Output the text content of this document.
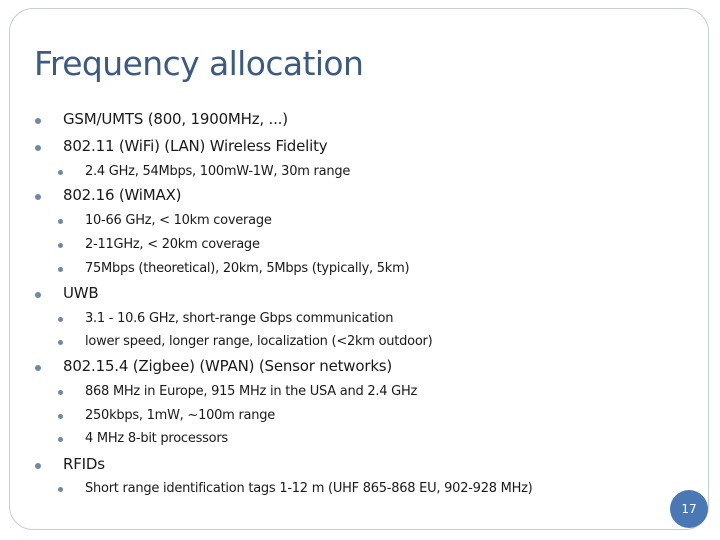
Frequency allocation
GSM/UMTS (800, 1900MHz, ...)
802.11 (WiFi) (LAN) Wireless Fidelity
2.4 GHz, 54Mbps, 100mW-1W, 30m range
802.16 (WiMAX)
10-66 GHz, < 10km coverage
2-11GHz, < 20km coverage
75Mbps (theoretical), 20km, 5Mbps (typically, 5km)
UWB
3.1 - 10.6 GHz, short-range Gbps communication
lower speed, longer range, localization (<2km outdoor)
802.15.4 (Zigbee) (WPAN) (Sensor networks)
868 MHz in Europe, 915 MHz in the USA and 2.4 GHz
250kbps, 1mW, ~100m range
4 MHz 8-bit processors
RFIDs
Short range identification tags 1-12 m (UHF 865-868 EU, 902-928 MHz)
17
